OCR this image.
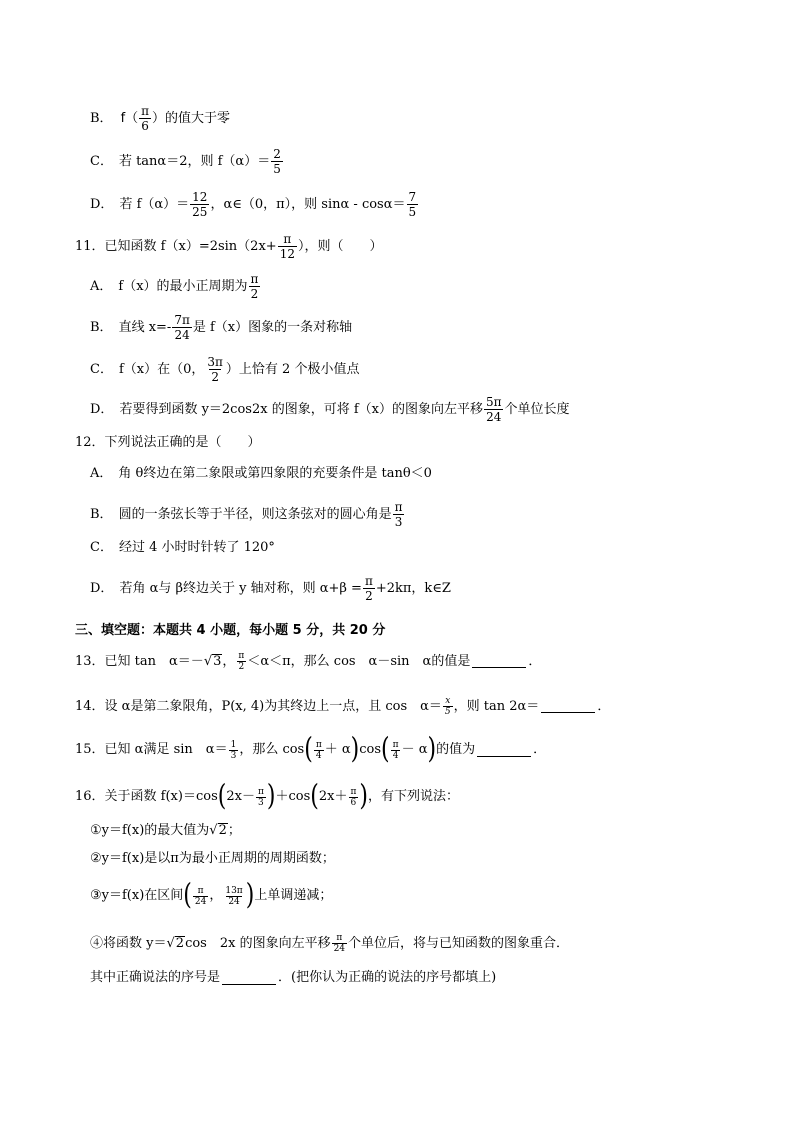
B． $f( \frac{\pi}{6}$ ）的值大于零
C． 若 tanα＝2，则 $f(\alpha)= \frac{2}{5}$
D． 若 $f(\alpha)= \frac{12}{25}$ ，α∈（0，π），则 $\sin\alpha - \cos\alpha= \frac{7}{5}$
11．已知函数 $f(x)=2\sin(2x+ \frac{\pi}{12}$ ），则（　　）
A． f（x）的最小正周期为 $\frac{\pi}{2}$
B． 直线 $x=- \frac{7\pi}{24}$ 是 f（x）图象的一条对称轴
C． f（x）在（0， $\frac{3\pi}{2}$ ）上恰有 2 个极小值点
D． 若要得到函数 y＝2cos2x 的图象，可将 f（x）的图象向左平移 $\frac{5\pi}{24}$ 个单位长度
12．下列说法正确的是（　　）
A． 角 θ终边在第二象限或第四象限的充要条件是 tanθ＜0
B． 圆的一条弦长等于半径，则这条弦对的圆心角是 $\frac{\pi}{3}$
C． 经过 4 小时时针转了 120°
D． 若角 α与 β终边关于 y 轴对称，则 $\alpha+\beta = \frac{\pi}{2} +2k\pi$，k∈Z
三、填空题：本题共 4 小题，每小题 5 分，共 20 分
13．已知 tan　α＝－ √ 3 ， $\frac{\pi}{2} <\alpha<\pi$，那么 cos　α－sin　α的值是	．
14．设 α是第二象限角，P(x, 4)为其终边上一点，且 cos　$\alpha= \frac{x}{5}$ ，则 tan 2α＝	．
15．已知 α满足 sin　$\alpha= \frac{1}{3}$ ，那么 cos ( $\frac{\pi}{4} + \alpha$ ) cos ( $\frac{\pi}{4} - \alpha$ ) 的值为	．
16．关于函数 f(x)＝cos ( $2x- \frac{\pi}{3}$ ) ＋cos ( $2x+ \frac{\pi}{6}$ ) ，有下列说法：
①y＝f(x)的最大值为 √ 2 ；
②y＝f(x)是以π为最小正周期的周期函数；
③y＝f(x)在区间 ( $\frac{\pi}{24}$ ， $\frac{13\pi}{24}$ ) 上单调递减；
④将函数 y＝ √ 2 cos　2x 的图象向左平移 $\frac{\pi}{24}$ 个单位后，将与已知函数的图象重合．
其中正确说法的序号是	．(把你认为正确的说法的序号都填上)
